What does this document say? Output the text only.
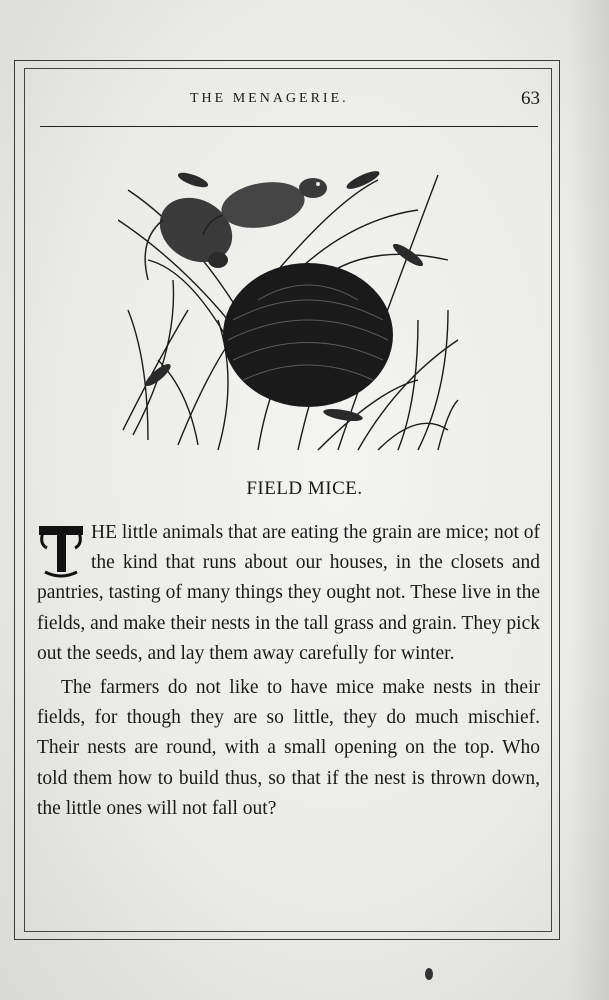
THE MENAGERIE.	63
FIELD MICE.

HE little animals that are eating the grain are mice; not of the kind that runs about our houses, in the closets and pantries, tasting of many things they ought not. These live in the fields, and make their nests in the tall grass and grain. They pick out the seeds, and lay them away carefully for winter.

The farmers do not like to have mice make nests in their fields, for though they are so little, they do much mischief. Their nests are round, with a small opening on the top. Who told them how to build thus, so that if the nest is thrown down, the little ones will not fall out?
